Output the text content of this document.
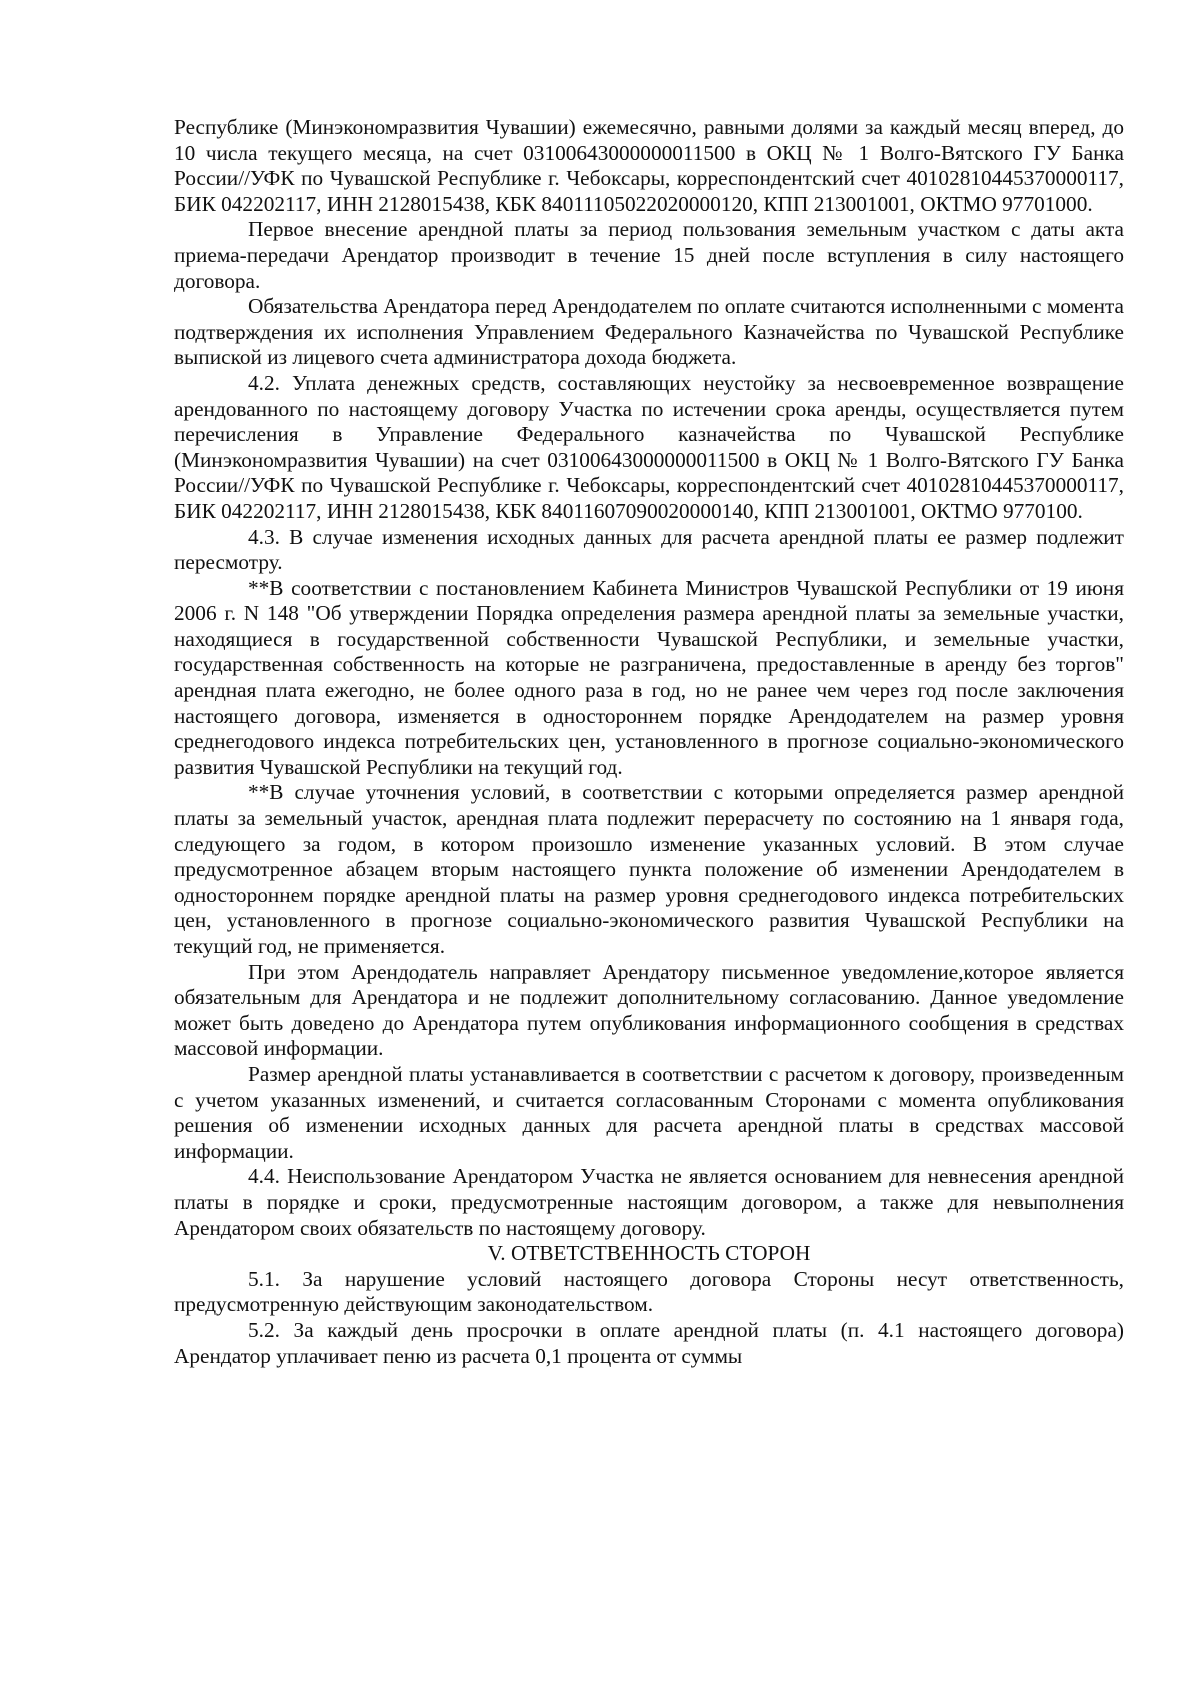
Республике (Минэкономразвития Чувашии) ежемесячно, равными долями за каждый месяц вперед, до 10 числа текущего месяца, на счет 03100643000000011500 в ОКЦ № 1 Волго-Вятского ГУ Банка России//УФК по Чувашской Республике г. Чебоксары, корреспондентский счет 40102810445370000117, БИК 042202117, ИНН 2128015438, КБК 84011105022020000120, КПП 213001001, ОКТМО 97701000.

Первое внесение арендной платы за период пользования земельным участком с даты акта приема-передачи Арендатор производит в течение 15 дней после вступления в силу настоящего договора.

Обязательства Арендатора перед Арендодателем по оплате считаются исполненными с момента подтверждения их исполнения Управлением Федерального Казначейства по Чувашской Республике выпиской из лицевого счета администратора дохода бюджета.

4.2. Уплата денежных средств, составляющих неустойку за несвоевременное возвращение арендованного по настоящему договору Участка по истечении срока аренды, осуществляется путем перечисления в Управление Федерального казначейства по Чувашской Республике (Минэкономразвития Чувашии) на счет 03100643000000011500 в ОКЦ № 1 Волго-Вятского ГУ Банка России//УФК по Чувашской Республике г. Чебоксары, корреспондентский счет 40102810445370000117, БИК 042202117, ИНН 2128015438, КБК 84011607090020000140, КПП 213001001, ОКТМО 9770100.

4.3. В случае изменения исходных данных для расчета арендной платы ее размер подлежит пересмотру.

**В соответствии с постановлением Кабинета Министров Чувашской Республики от 19 июня 2006 г. N 148 "Об утверждении Порядка определения размера арендной платы за земельные участки, находящиеся в государственной собственности Чувашской Республики, и земельные участки, государственная собственность на которые не разграничена, предоставленные в аренду без торгов" арендная плата ежегодно, не более одного раза в год, но не ранее чем через год после заключения настоящего договора, изменяется в одностороннем порядке Арендодателем на размер уровня среднегодового индекса потребительских цен, установленного в прогнозе социально-экономического развития Чувашской Республики на текущий год.

**В случае уточнения условий, в соответствии с которыми определяется размер арендной платы за земельный участок, арендная плата подлежит перерасчету по состоянию на 1 января года, следующего за годом, в котором произошло изменение указанных условий. В этом случае предусмотренное абзацем вторым настоящего пункта положение об изменении Арендодателем в одностороннем порядке арендной платы на размер уровня среднегодового индекса потребительских цен, установленного в прогнозе социально-экономического развития Чувашской Республики на текущий год, не применяется.

При этом Арендодатель направляет Арендатору письменное уведомление,которое является обязательным для Арендатора и не подлежит дополнительному согласованию. Данное уведомление может быть доведено до Арендатора путем опубликования информационного сообщения в средствах массовой информации.

Размер арендной платы устанавливается в соответствии с расчетом к договору, произведенным с учетом указанных изменений, и считается согласованным Сторонами с момента опубликования решения об изменении исходных данных для расчета арендной платы в средствах массовой информации.

4.4. Неиспользование Арендатором Участка не является основанием для невнесения арендной платы в порядке и сроки, предусмотренные настоящим договором, а также для невыполнения Арендатором своих обязательств по настоящему договору.

V. ОТВЕТСТВЕННОСТЬ СТОРОН

5.1. За нарушение условий настоящего договора Стороны несут ответственность, предусмотренную действующим законодательством.

5.2. За каждый день просрочки в оплате арендной платы (п. 4.1 настоящего договора) Арендатор уплачивает пеню из расчета 0,1 процента от суммы
